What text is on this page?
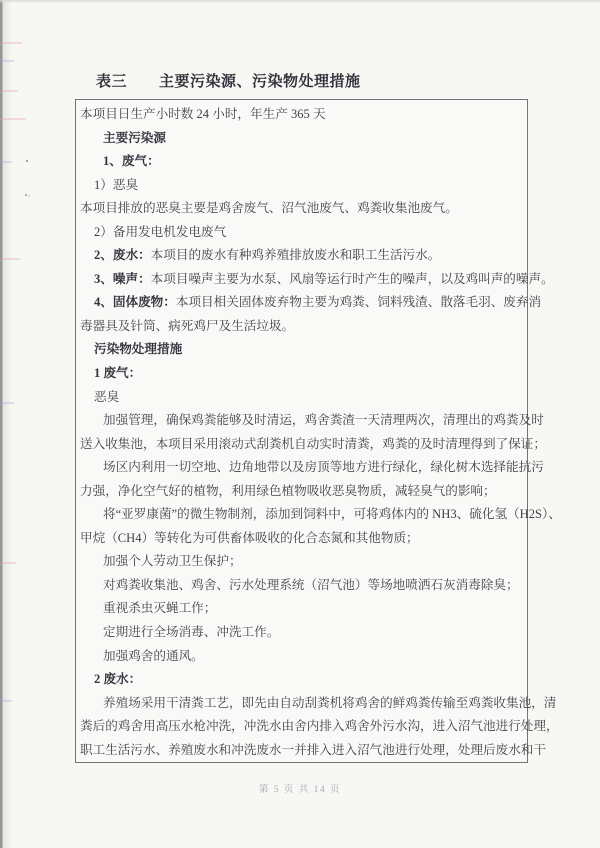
表三 主要污染源、污染物处理措施
本项目日生产小时数 24 小时，年生产 365 天
主要污染源
1、废气：
1）恶臭
本项目排放的恶臭主要是鸡舍废气、沼气池废气、鸡粪收集池废气。
2）备用发电机发电废气
2、废水：本项目的废水有种鸡养殖排放废水和职工生活污水。
3、噪声：本项目噪声主要为水泵、风扇等运行时产生的噪声，以及鸡叫声的噪声。
4、固体废物：本项目相关固体废弃物主要为鸡粪、饲料残渣、散落毛羽、废弃消
毒器具及针筒、病死鸡尸及生活垃圾。
污染物处理措施
1 废气：
恶臭
加强管理，确保鸡粪能够及时清运，鸡舍粪渣一天清理两次，清理出的鸡粪及时
送入收集池，本项目采用滚动式刮粪机自动实时清粪，鸡粪的及时清理得到了保证；
场区内利用一切空地、边角地带以及房顶等地方进行绿化，绿化树木选择能抗污
力强，净化空气好的植物，利用绿色植物吸收恶臭物质，减轻臭气的影响；
将“亚罗康菌”的微生物制剂，添加到饲料中，可将鸡体内的 NH3、硫化氢（H2S）、
甲烷（CH4）等转化为可供畜体吸收的化合态氮和其他物质；
加强个人劳动卫生保护；
对鸡粪收集池、鸡舍、污水处理系统（沼气池）等场地喷洒石灰消毒除臭；
重视杀虫灭蝇工作；
定期进行全场消毒、冲洗工作。
加强鸡舍的通风。
2 废水：
养殖场采用干清粪工艺，即先由自动刮粪机将鸡舍的鲜鸡粪传输至鸡粪收集池，清
粪后的鸡舍用高压水枪冲洗，冲洗水由舍内排入鸡舍外污水沟，进入沼气池进行处理，
职工生活污水、养殖废水和冲洗废水一并排入进入沼气池进行处理，处理后废水和干
第 5 页 共 14 页
